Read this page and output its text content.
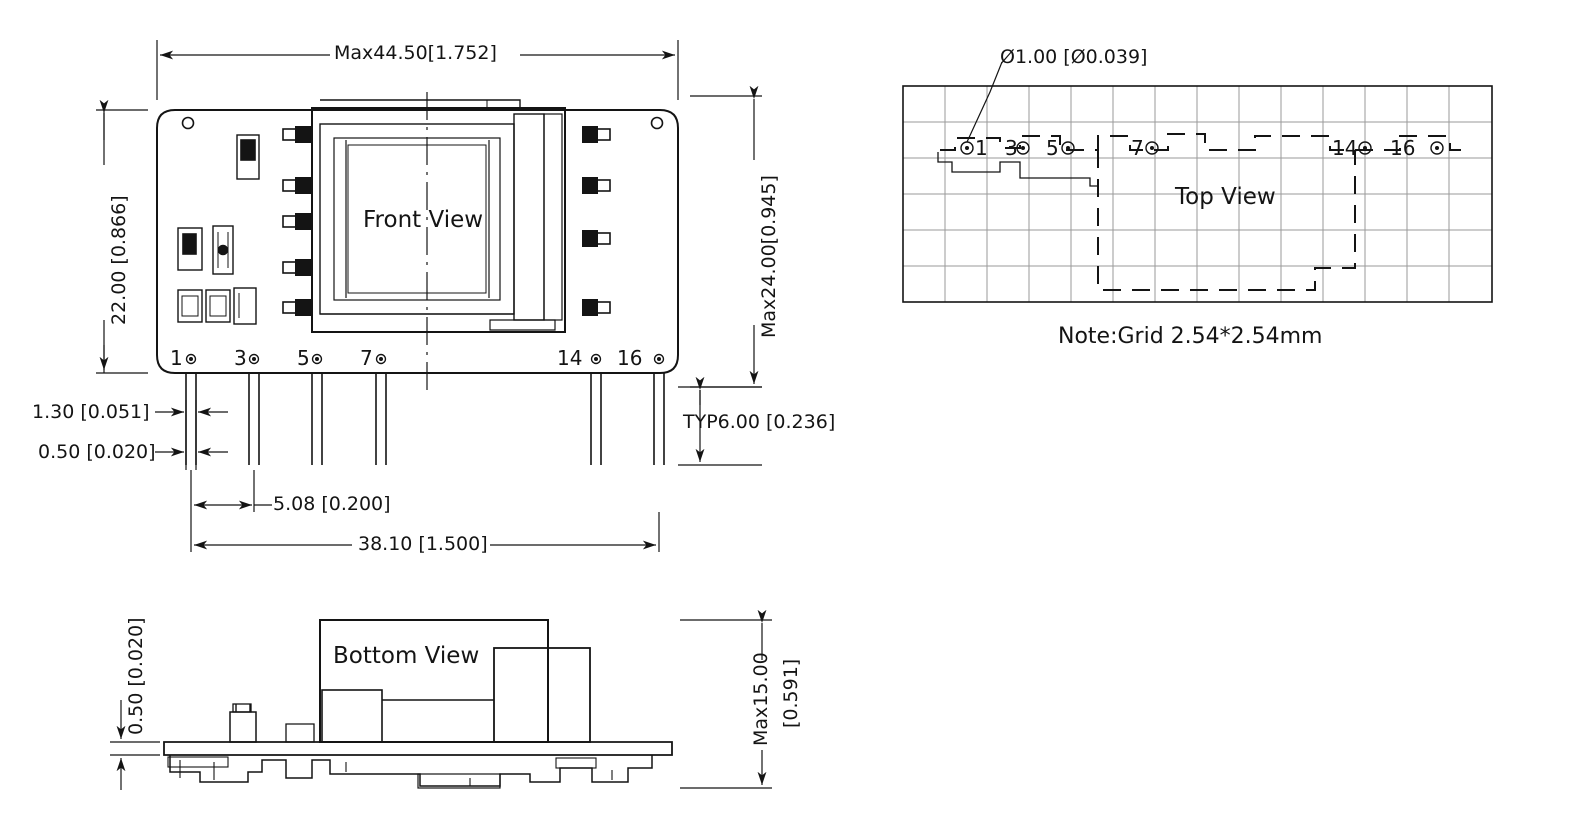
Max44.50[1.752]
22.00 [0.866]	Max24.00[0.945]
Front View
1.30 [0.051]
0.50 [0.020]
5.08 [0.200]
38.10 [1.500]
TYP6.00 [0.236]
1	3	5	7	14 16
Ø1.00 [Ø0.039]
Top View
Note:Grid 2.54*2.54mm
1 3 5	7	14 16
0.50 [0.020]	Bottom View	Max15.00 [0.591]
